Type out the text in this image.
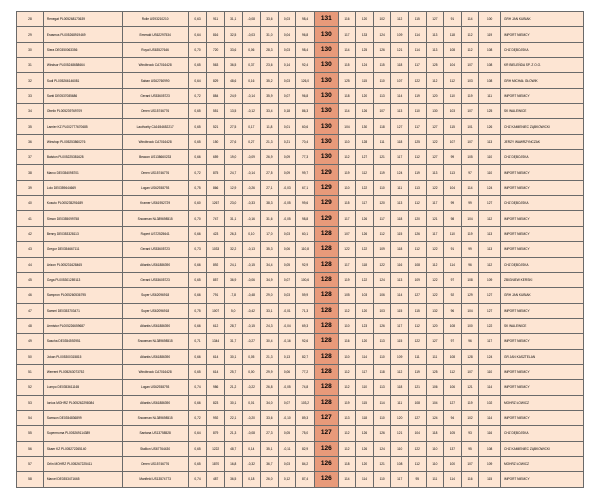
28	Renegat PL005268173639	Rolle US93210210	0,63	911	31,1	-0,08	33,6	0,03	98,4	131	116	120	102	112	115	127	91	114	100	GRH JAN KUBIAK
29	Erasmus PL005268919469	Emerald US62297534	0,64	816	32,5	-0,03	31,0	0,04	96,8	130	117	133	124	109	114	113	118	112	119	IMPORT NIEMCY
30	Siera DE0350063356	Royal US63527646	0,70	720	33,6	0,06	28,3	0,03	98,4	130	114	125	126	121	114	113	108	112	108	CHZ DĘBOJSKA
31	Windsor PL005248658664	Windbrook CA7016428	0,65	563	36,5	0,37	23,6	0,14	92,4	130	115	124	115	118	117	125	104	107	108	KR BIELEŃDA SP. Z O.O.
32	Sudi PL005266146081	Saban US62760990	0,64	829	48,6	0,16	35,2	0,03	126,0	130	125	115	110	107	122	112	112	103	108	GRH MICHAŁ GŁOWIK
33	Santi DE0537085686	Gerard US53605723	0,72	884	24,9	-0,14	35,9	0,07	96,8	130	118	120	113	114	119	120	110	119	111	IMPORT NIEMCY
34	Obelix PL005239769709	Omen US15746776	0,65	551	13,5	-0,12	33,4	0,18	86,3	130	114	126	107	113	110	130	103	107	125	SK WALEWICE
35	Lamier KZ PL002777670685	Lauthority CA1654652217	0,65	521	27,5	0,17	11,8	0,01	60,6	130	104	130	118	127	117	127	115	101	126	CHZ KAMIENIEC ZĄBKOWICKI
36	Winshop PL005253860276	Windbrook CA7016428	0,65	150	27,6	0,27	21,3	0,21	70,4	130	110	128	111	118	125	122	107	107	113	JERZY WAWRZYNCZAK
37	Balston PL005225381628	Beacon US138660233	0,66	659	19,0	-0,09	26,9	0,09	77,3	130	112	127	121	117	112	127	99	105	110	CHZ DĘBOJSKA
38	Marco DE0354098701	Omen US15746776	0,72	875	24,7	-0,14	27,5	0,09	99,7	129	119	112	119	124	119	113	113	97	110	IMPORT NIEMCY
39	Lolo DE0359644669	Logan US62938793	0,75	866	12,9	-0,26	27,1	-0,03	67,1	129	110	122	110	111	113	122	104	114	124	IMPORT NIEMCY
40	Kosuto PL005235291689	Kramer US61952729	0,60	1267	23,0	-0,33	38,3	-0,05	99,6	129	115	117	120	113	112	117	99	99	127	CHZ DĘBOJSKA
41	Simon DE0355099758	Snowman NL389698515	0,70	747	31,1	-0,16	31,6	-0,05	98,8	129	117	126	117	118	120	121	98	104	112	IMPORT NIEMCY
42	Benny DE0353328113	Rupert US72525641	0,66	423	26,3	0,10	17,0	0,03	60,1	128	107	126	112	115	126	117	110	119	113	IMPORT NIEMCY
43	Gregor DE0354667111	Gerard US53605723	0,73	1033	32,2	-0,13	35,3	0,06	110,8	128	122	122	109	118	112	122	91	99	113	IMPORT NIEMCY
44	Arizon PL005231628465	Atlantis US61886390	0,66	892	24,1	-0,15	34,4	0,05	92,9	128	117	118	122	116	108	112	114	96	112	CHZ DĘBOJSKA
45	Ozga PL005301289113	Gerard US53605723	0,65	857	36,9	-0,06	34,9	0,07	100,6	128	119	122	124	113	109	122	97	108	109	ZBIGNIEW KERSKI
46	Sampron PL005260536795	Super US62096918	0,66	791	-7,8	-0,48	29,0	0,03	59,9	128	105	103	106	114	127	122	92	129	127	GRH JAN KUBIAK
47	Sammi DE0353703471	Super US62096918	0,75	1007	5,0	-0,42	33,1	-0,01	71,3	128	112	120	103	115	115	132	96	104	127	IMPORT NIEMCY
48	Armistor PL005226659687	Atlantis US61886390	0,66	612	28,7	-0,15	24,3	-0,04	69,3	128	110	123	126	117	112	120	108	100	122	SK WALEWICE
49	Sascha DE0354592951	Snowman NL389698515	0,71	1344	31,7	-0,27	30,4	-0,16	92,6	128	116	120	113	115	122	127	97	96	117	IMPORT NIEMCY
50	Jokan PL005300315815	Atlantis US61886390	0,66	614	30,1	0,05	21,3	0,13	82,7	128	110	114	110	109	111	111	108	128	124	GR JAN KASZTELAN
51	Werrent PL005263073752	Windbrook CA7016428	0,65	614	25,7	0,00	29,9	0,06	77,2	128	112	117	118	112	119	125	112	107	110	IMPORT NIEMCY
52	Lumpo DE0353611165	Logan US62938793	0,74	986	21,2	-0,22	26,8	-0,05	74,8	128	112	110	113	118	121	106	106	121	114	IMPORT NIEMCY
53	Ionius MOHRZ PL005262298084	Atlantis US61886390	0,66	823	30,1	0,01	34,0	0,07	103,2	128	119	115	114	111	108	104	127	119	102	MOHRZ ŁOWICZ
54	Samson DE0354836899	Snowman NL389698515	0,72	992	22,1	-0,20	33,6	-0,10	89,3	127	113	118	110	120	127	124	94	102	114	IMPORT NIEMCY
55	Supermoma PL005269114389	Santana US13758528	0,64	879	21,3	-0,08	27,3	0,05	75,0	127	112	126	126	121	104	118	105	93	116	CHZ DĘBOJSKA
56	Skaer KZ PL005272265140	Stallion US67764430	0,65	1222	48,7	0,14	35,1	-0,11	82,9	126	112	126	124	110	122	110	137	95	108	CHZ KAMIENIEC ZĄBKOWICKI
57	Orlin MOHRZ PL005267225411	Omen US15746776	0,65	1870	16,8	-0,32	36,7	0,03	84,2	126	118	120	121	108	112	110	100	107	109	MOHRZ ŁOWICZ
58	Marcel DE0353471665	Manfield US13574773	0,74	487	36,5	0,18	26,0	0,12	87,4	126	114	114	110	117	95	111	114	116	115	IMPORT NIEMCY
